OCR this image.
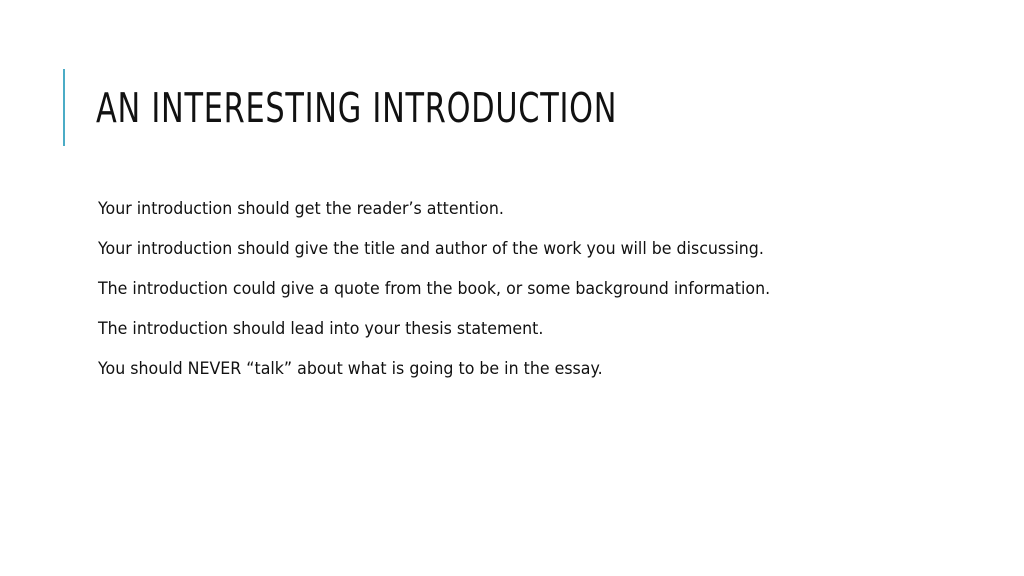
AN INTERESTING INTRODUCTION
Your introduction should get the reader’s attention.
Your introduction should give the title and author of the work you will be discussing.
The introduction could give a quote from the book, or some background information.
The introduction should lead into your thesis statement.
You should NEVER “talk” about what is going to be in the essay.
